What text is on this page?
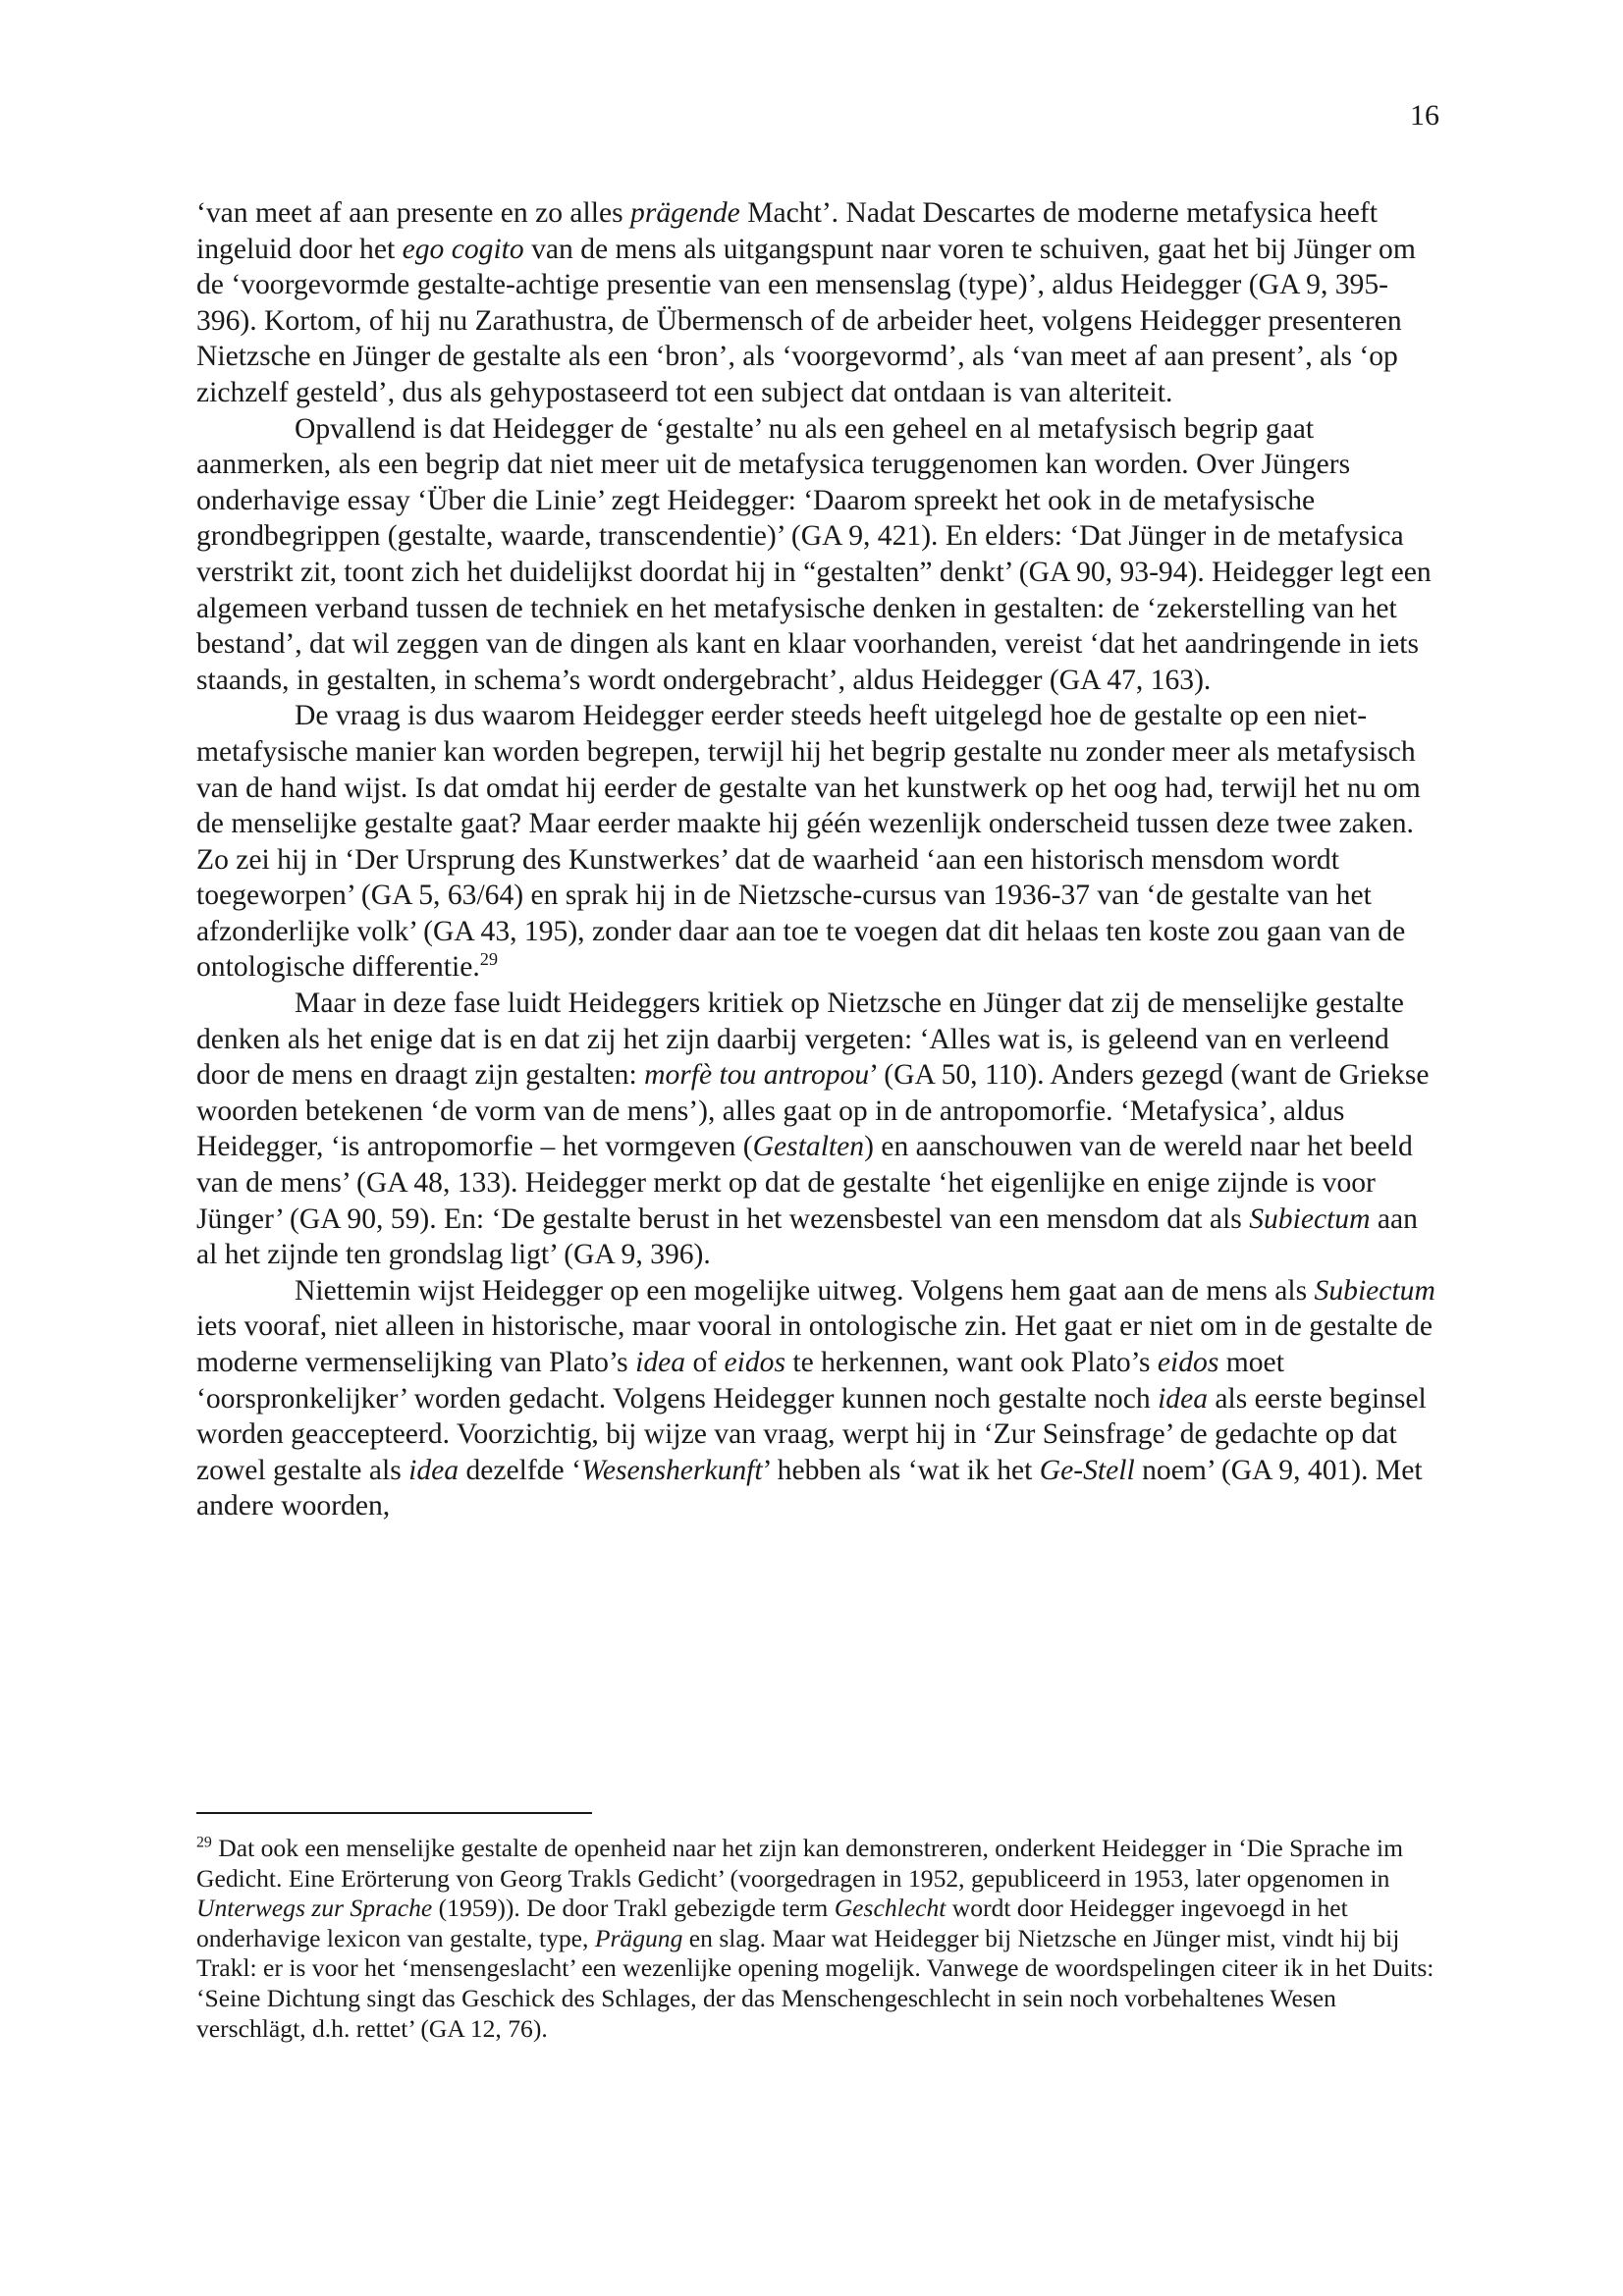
16

‘van meet af aan presente en zo alles prägende Macht’. Nadat Descartes de moderne metafysica heeft ingeluid door het ego cogito van de mens als uitgangspunt naar voren te schuiven, gaat het bij Jünger om de ‘voorgevormde gestalte-achtige presentie van een mensenslag (type)’, aldus Heidegger (GA 9, 395-396). Kortom, of hij nu Zarathustra, de Übermensch of de arbeider heet, volgens Heidegger presenteren Nietzsche en Jünger de gestalte als een ‘bron’, als ‘voorgevormd’, als ‘van meet af aan present’, als ‘op zichzelf gesteld’, dus als gehypostaseerd tot een subject dat ontdaan is van alteriteit.

Opvallend is dat Heidegger de ‘gestalte’ nu als een geheel en al metafysisch begrip gaat aanmerken, als een begrip dat niet meer uit de metafysica teruggenomen kan worden. Over Jüngers onderhavige essay ‘Über die Linie’ zegt Heidegger: ‘Daarom spreekt het ook in de metafysische grondbegrippen (gestalte, waarde, transcendentie)’ (GA 9, 421). En elders: ‘Dat Jünger in de metafysica verstrikt zit, toont zich het duidelijkst doordat hij in “gestalten” denkt’ (GA 90, 93-94). Heidegger legt een algemeen verband tussen de techniek en het metafysische denken in gestalten: de ‘zekerstelling van het bestand’, dat wil zeggen van de dingen als kant en klaar voorhanden, vereist ‘dat het aandringende in iets staands, in gestalten, in schema’s wordt ondergebracht’, aldus Heidegger (GA 47, 163).

De vraag is dus waarom Heidegger eerder steeds heeft uitgelegd hoe de gestalte op een niet-metafysische manier kan worden begrepen, terwijl hij het begrip gestalte nu zonder meer als metafysisch van de hand wijst. Is dat omdat hij eerder de gestalte van het kunstwerk op het oog had, terwijl het nu om de menselijke gestalte gaat? Maar eerder maakte hij géén wezenlijk onderscheid tussen deze twee zaken. Zo zei hij in ‘Der Ursprung des Kunstwerkes’ dat de waarheid ‘aan een historisch mensdom wordt toegeworpen’ (GA 5, 63/64) en sprak hij in de Nietzsche-cursus van 1936-37 van ‘de gestalte van het afzonderlijke volk’ (GA 43, 195), zonder daar aan toe te voegen dat dit helaas ten koste zou gaan van de ontologische differentie.$^{29}$

Maar in deze fase luidt Heideggers kritiek op Nietzsche en Jünger dat zij de menselijke gestalte denken als het enige dat is en dat zij het zijn daarbij vergeten: ‘Alles wat is, is geleend van en verleend door de mens en draagt zijn gestalten: morfè tou antropou’ (GA 50, 110). Anders gezegd (want de Griekse woorden betekenen ‘de vorm van de mens’), alles gaat op in de antropomorfie. ‘Metafysica’, aldus Heidegger, ‘is antropomorfie – het vormgeven (Gestalten) en aanschouwen van de wereld naar het beeld van de mens’ (GA 48, 133). Heidegger merkt op dat de gestalte ‘het eigenlijke en enige zijnde is voor Jünger’ (GA 90, 59). En: ‘De gestalte berust in het wezensbestel van een mensdom dat als Subiectum aan al het zijnde ten grondslag ligt’ (GA 9, 396).

Niettemin wijst Heidegger op een mogelijke uitweg. Volgens hem gaat aan de mens als Subiectum iets vooraf, niet alleen in historische, maar vooral in ontologische zin. Het gaat er niet om in de gestalte de moderne vermenselijking van Plato’s idea of eidos te herkennen, want ook Plato’s eidos moet ‘oorspronkelijker’ worden gedacht. Volgens Heidegger kunnen noch gestalte noch idea als eerste beginsel worden geaccepteerd. Voorzichtig, bij wijze van vraag, werpt hij in ‘Zur Seinsfrage’ de gedachte op dat zowel gestalte als idea dezelfde ‘Wesensherkunft’ hebben als ‘wat ik het Ge-Stell noem’ (GA 9, 401). Met andere woorden,

$^{29}$ Dat ook een menselijke gestalte de openheid naar het zijn kan demonstreren, onderkent Heidegger in ‘Die Sprache im Gedicht. Eine Erörterung von Georg Trakls Gedicht’ (voorgedragen in 1952, gepubliceerd in 1953, later opgenomen in Unterwegs zur Sprache (1959)). De door Trakl gebezigde term Geschlecht wordt door Heidegger ingevoegd in het onderhavige lexicon van gestalte, type, Prägung en slag. Maar wat Heidegger bij Nietzsche en Jünger mist, vindt hij bij Trakl: er is voor het ‘mensengeslacht’ een wezenlijke opening mogelijk. Vanwege de woordspelingen citeer ik in het Duits: ‘Seine Dichtung singt das Geschick des Schlages, der das Menschengeschlecht in sein noch vorbehaltenes Wesen verschlägt, d.h. rettet’ (GA 12, 76).
